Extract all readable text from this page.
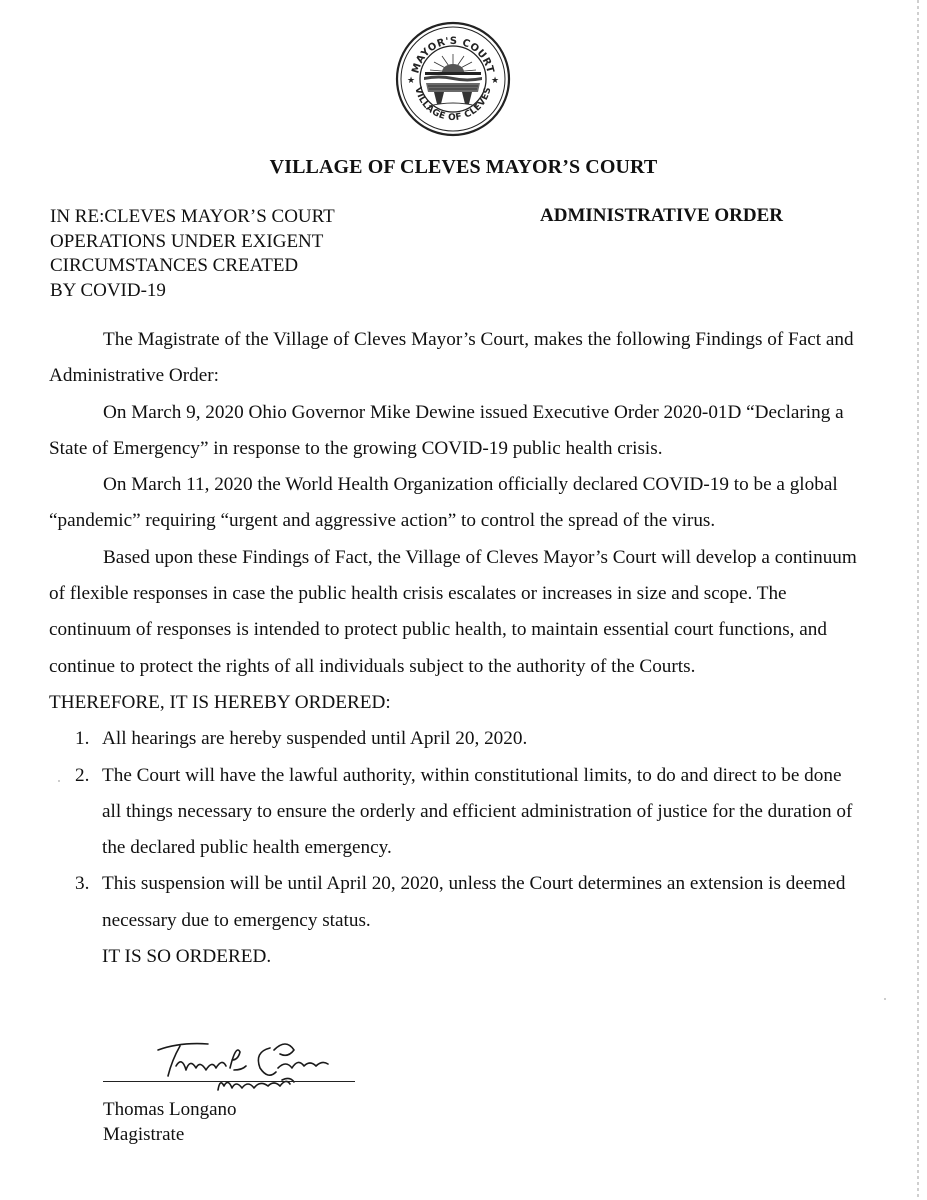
MAYOR'S COURT
VILLAGE OF CLEVES
★	★
VILLAGE OF CLEVES MAYOR’S COURT
IN RE:CLEVES MAYOR’S COURT
OPERATIONS UNDER EXIGENT
CIRCUMSTANCES CREATED
BY COVID-19
ADMINISTRATIVE ORDER

The Magistrate of the Village of Cleves Mayor’s Court, makes the following Findings of Fact and Administrative Order:

On March 9, 2020 Ohio Governor Mike Dewine issued Executive Order 2020-01D “Declaring a State of Emergency” in response to the growing COVID-19 public health crisis.

On March 11, 2020 the World Health Organization officially declared COVID-19 to be a global “pandemic” requiring “urgent and aggressive action” to control the spread of the virus.

Based upon these Findings of Fact, the Village of Cleves Mayor’s Court will develop a continuum of flexible responses in case the public health crisis escalates or increases in size and scope. The continuum of responses is intended to protect public health, to maintain essential court functions, and continue to protect the rights of all individuals subject to the authority of the Courts.

THEREFORE, IT IS HEREBY ORDERED:

1. All hearings are hereby suspended until April 20, 2020.
2. The Court will have the lawful authority, within constitutional limits, to do and direct to be done all things necessary to ensure the orderly and efficient administration of justice for the duration of the declared public health emergency.
3. This suspension will be until April 20, 2020, unless the Court determines an extension is deemed necessary due to emergency status.

IT IS SO ORDERED.

Thomas Longano
Magistrate
